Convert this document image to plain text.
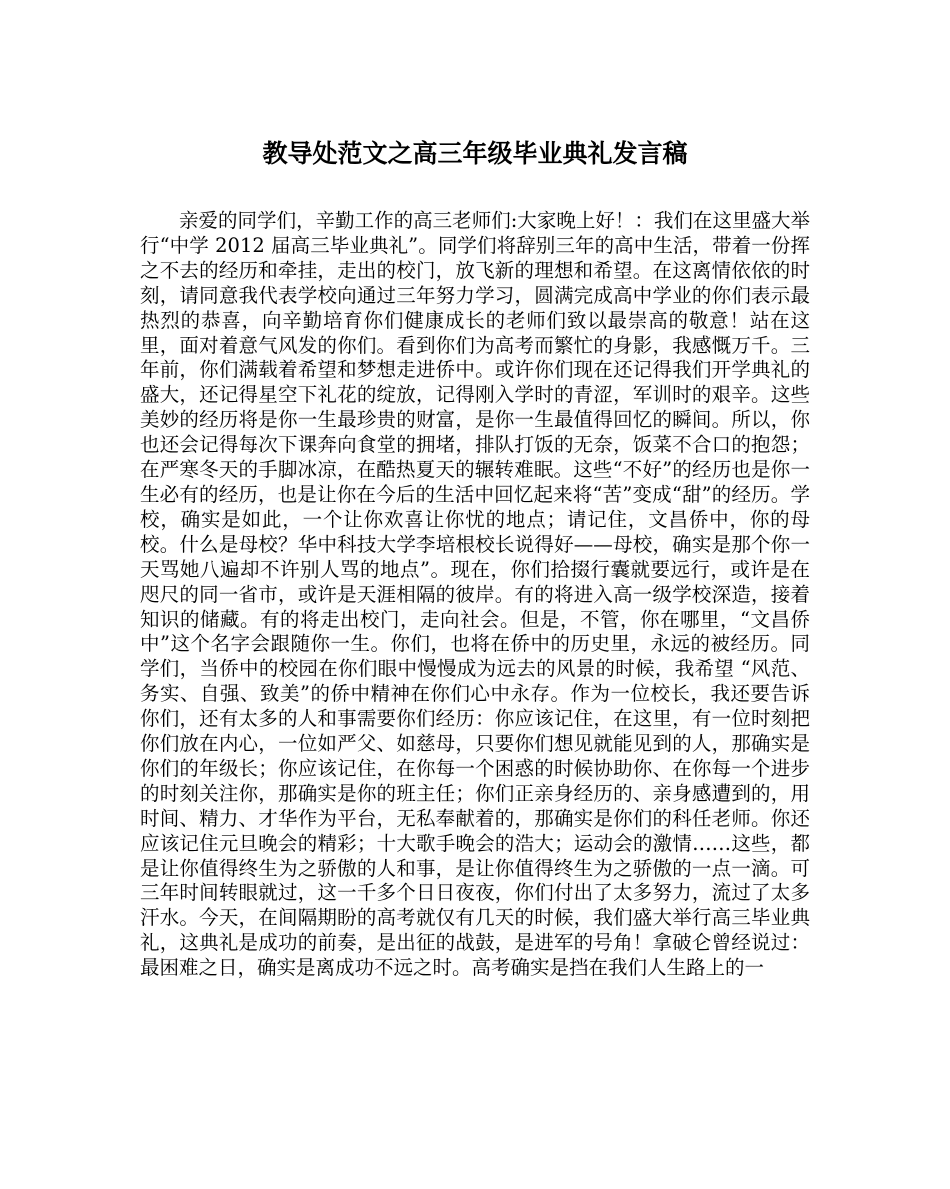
教导处范文之高三年级毕业典礼发言稿

亲爱的同学们，辛勤工作的高三老师们:大家晚上好！：我们在这里盛大举行“中学 2012 届高三毕业典礼”。同学们将辞别三年的高中生活，带着一份挥之不去的经历和牵挂，走出的校门，放飞新的理想和希望。在这离情依依的时刻，请同意我代表学校向通过三年努力学习，圆满完成高中学业的你们表示最热烈的恭喜，向辛勤培育你们健康成长的老师们致以最崇高的敬意！站在这里，面对着意气风发的你们。看到你们为高考而繁忙的身影，我感慨万千。三年前，你们满载着希望和梦想走进侨中。或许你们现在还记得我们开学典礼的盛大，还记得星空下礼花的绽放，记得刚入学时的青涩，军训时的艰辛。这些美妙的经历将是你一生最珍贵的财富，是你一生最值得回忆的瞬间。所以，你也还会记得每次下课奔向食堂的拥堵，排队打饭的无奈，饭菜不合口的抱怨；在严寒冬天的手脚冰凉，在酷热夏天的辗转难眠。这些“不好”的经历也是你一生必有的经历，也是让你在今后的生活中回忆起来将“苦”变成“甜”的经历。学校，确实是如此，一个让你欢喜让你忧的地点；请记住，文昌侨中，你的母校。什么是母校？华中科技大学李培根校长说得好——母校，确实是那个你一天骂她八遍却不许别人骂的地点”。现在，你们拾掇行囊就要远行，或许是在咫尺的同一省市，或许是天涯相隔的彼岸。有的将进入高一级学校深造，接着知识的储藏。有的将走出校门，走向社会。但是，不管，你在哪里，“文昌侨中”这个名字会跟随你一生。你们，也将在侨中的历史里，永远的被经历。同学们，当侨中的校园在你们眼中慢慢成为远去的风景的时候，我希望 “风范、务实、自强、致美”的侨中精神在你们心中永存。作为一位校长，我还要告诉你们，还有太多的人和事需要你们经历：你应该记住，在这里，有一位时刻把你们放在内心，一位如严父、如慈母，只要你们想见就能见到的人，那确实是你们的年级长；你应该记住，在你每一个困惑的时候协助你、在你每一个进步的时刻关注你，那确实是你的班主任；你们正亲身经历的、亲身感遭到的，用时间、精力、才华作为平台，无私奉献着的，那确实是你们的科任老师。你还应该记住元旦晚会的精彩；十大歌手晚会的浩大；运动会的激情……这些，都是让你值得终生为之骄傲的人和事，是让你值得终生为之骄傲的一点一滴。可三年时间转眼就过，这一千多个日日夜夜，你们付出了太多努力，流过了太多汗水。今天，在间隔期盼的高考就仅有几天的时候，我们盛大举行高三毕业典礼，这典礼是成功的前奏，是出征的战鼓，是进军的号角！拿破仑曾经说过：最困难之日，确实是离成功不远之时。高考确实是挡在我们人生路上的一
